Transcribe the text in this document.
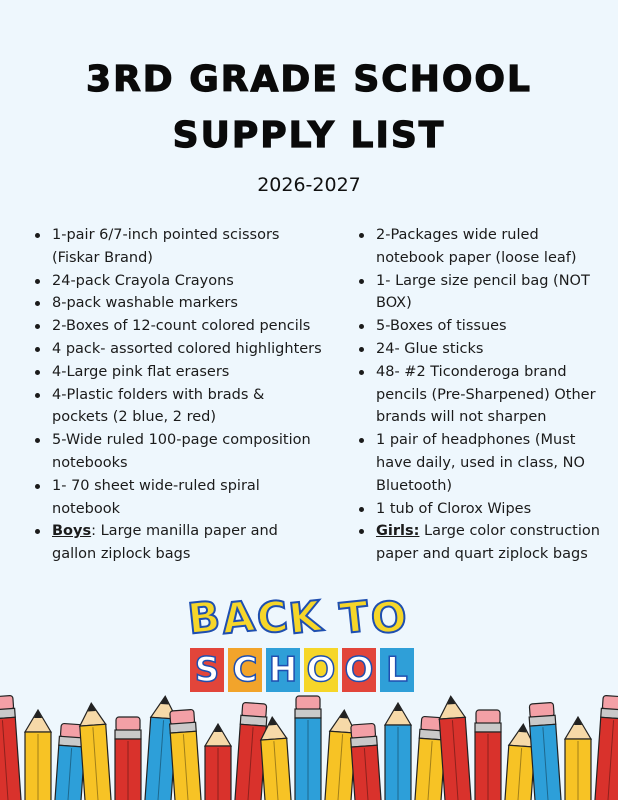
3RD GRADE SCHOOL
SUPPLY LIST
2026-2027
1-pair 6/7-inch pointed scissors (Fiskar Brand)
24-pack Crayola Crayons
8-pack washable markers
2-Boxes of 12-count colored pencils
4 pack- assorted colored highlighters
4-Large pink flat erasers
4-Plastic folders with brads & pockets (2 blue, 2 red)
5-Wide ruled 100-page composition notebooks
1- 70 sheet wide-ruled spiral notebook
Boys: Large manilla paper and gallon ziplock bags
2-Packages wide ruled notebook paper (loose leaf)
1- Large size pencil bag (NOT BOX)
5-Boxes of tissues
24- Glue sticks
48- #2 Ticonderoga brand pencils (Pre-Sharpened) Other brands will not sharpen
1 pair of headphones (Must have daily, used in class, NO Bluetooth)
1 tub of Clorox Wipes
Girls: Large color construction paper and quart ziplock bags
B
A
C
K T
O
S C H O O L
